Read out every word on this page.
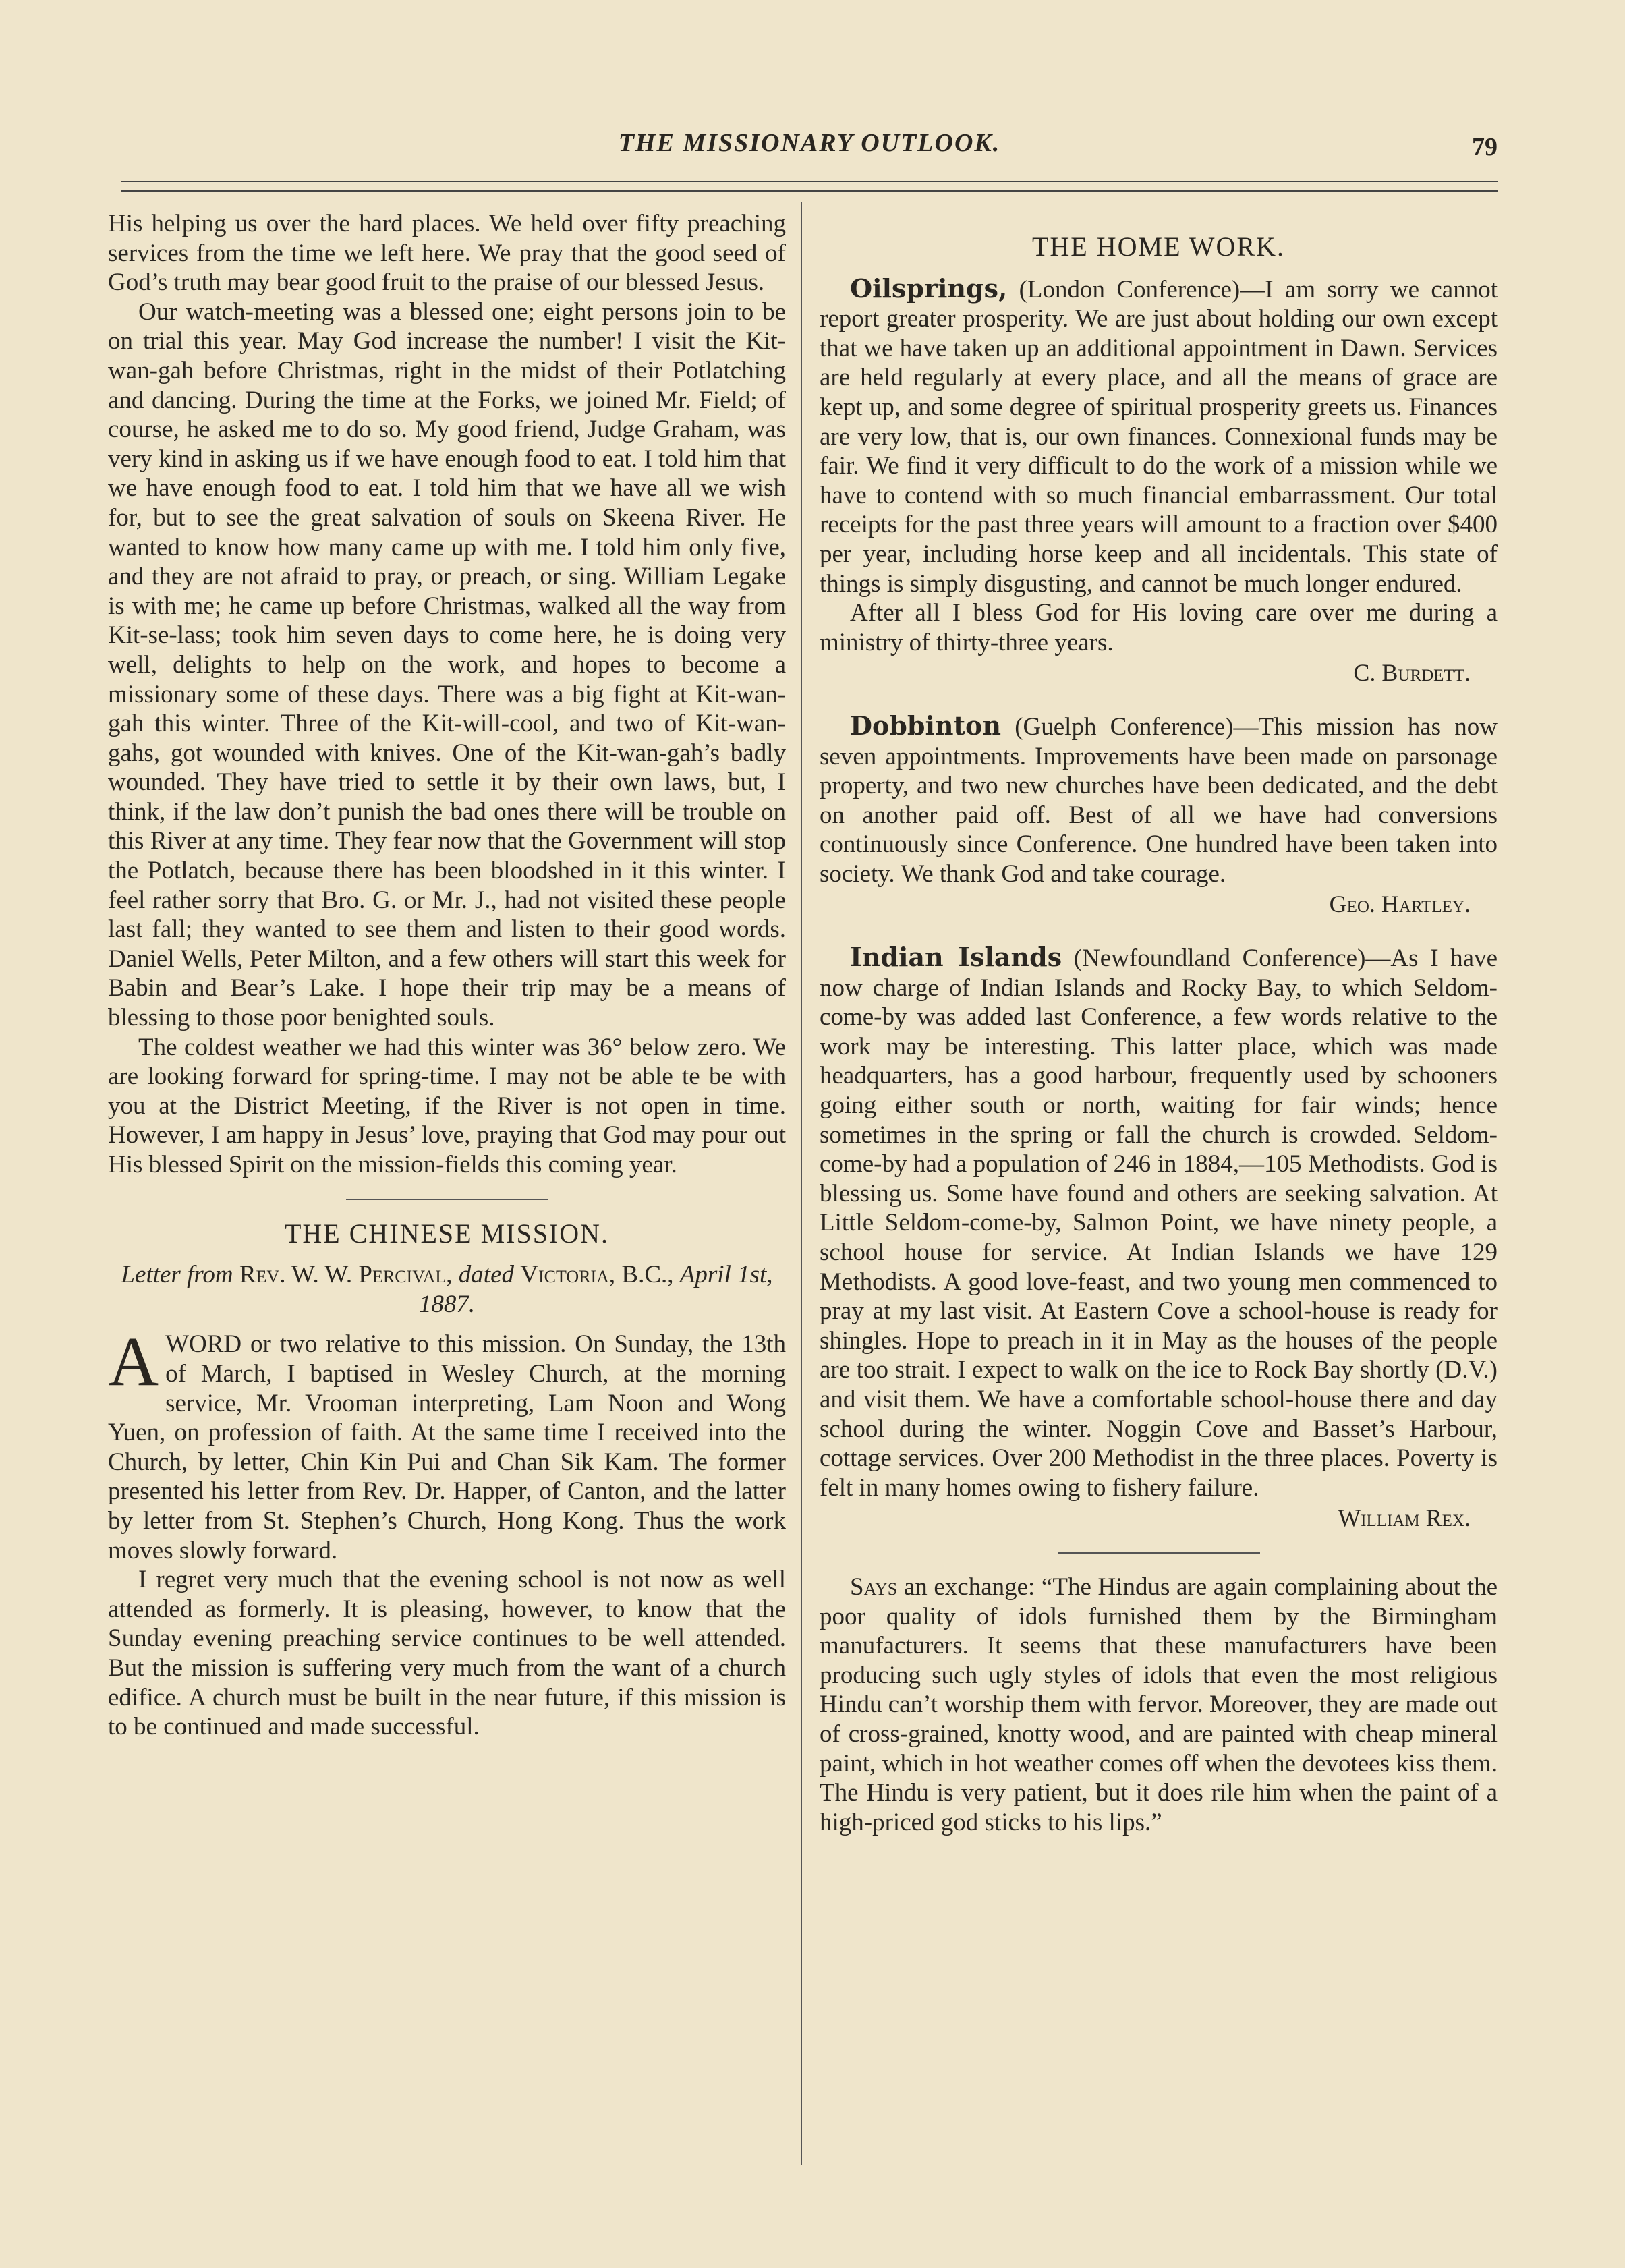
THE MISSIONARY OUTLOOK.	79

His helping us over the hard places. We held over fifty preaching services from the time we left here. We pray that the good seed of God’s truth may bear good fruit to the praise of our blessed Jesus.

Our watch-meeting was a blessed one; eight persons join to be on trial this year. May God increase the number! I visit the Kit-wan-gah before Christmas, right in the midst of their Potlatching and dancing. During the time at the Forks, we joined Mr. Field; of course, he asked me to do so. My good friend, Judge Graham, was very kind in asking us if we have enough food to eat. I told him that we have enough food to eat. I told him that we have all we wish for, but to see the great salvation of souls on Skeena River. He wanted to know how many came up with me. I told him only five, and they are not afraid to pray, or preach, or sing. William Legake is with me; he came up before Christmas, walked all the way from Kit-se-lass; took him seven days to come here, he is doing very well, delights to help on the work, and hopes to become a missionary some of these days. There was a big fight at Kit-wan-gah this winter. Three of the Kit-will-cool, and two of Kit-wan-gahs, got wounded with knives. One of the Kit-wan-gah’s badly wounded. They have tried to settle it by their own laws, but, I think, if the law don’t punish the bad ones there will be trouble on this River at any time. They fear now that the Government will stop the Potlatch, because there has been bloodshed in it this winter. I feel rather sorry that Bro. G. or Mr. J., had not visited these people last fall; they wanted to see them and listen to their good words. Daniel Wells, Peter Milton, and a few others will start this week for Babin and Bear’s Lake. I hope their trip may be a means of blessing to those poor benighted souls.

The coldest weather we had this winter was 36° below zero. We are looking forward for spring-time. I may not be able te be with you at the District Meeting, if the River is not open in time. However, I am happy in Jesus’ love, praying that God may pour out His blessed Spirit on the mission-fields this coming year.

THE CHINESE MISSION.
Letter from Rev. W. W. Percival, dated Victoria, B.C., April 1st, 1887.

AWORD or two relative to this mission. On Sunday, the 13th of March, I baptised in Wesley Church, at the morning service, Mr. Vrooman interpreting, Lam Noon and Wong Yuen, on profession of faith. At the same time I received into the Church, by letter, Chin Kin Pui and Chan Sik Kam. The former presented his letter from Rev. Dr. Happer, of Canton, and the latter by letter from St. Stephen’s Church, Hong Kong. Thus the work moves slowly forward.

I regret very much that the evening school is not now as well attended as formerly. It is pleasing, however, to know that the Sunday evening preaching service continues to be well attended. But the mission is suffering very much from the want of a church edifice. A church must be built in the near future, if this mission is to be continued and made successful.

THE HOME WORK.

Oilsprings, (London Conference)—I am sorry we cannot report greater prosperity. We are just about holding our own except that we have taken up an additional appointment in Dawn. Services are held regularly at every place, and all the means of grace are kept up, and some degree of spiritual prosperity greets us. Finances are very low, that is, our own finances. Connexional funds may be fair. We find it very difficult to do the work of a mission while we have to contend with so much financial embarrassment. Our total receipts for the past three years will amount to a fraction over $400 per year, including horse keep and all incidentals. This state of things is simply disgusting, and cannot be much longer endured.

After all I bless God for His loving care over me during a ministry of thirty-three years.

C. Burdett.

Dobbinton (Guelph Conference)—This mission has now seven appointments. Improvements have been made on parsonage property, and two new churches have been dedicated, and the debt on another paid off. Best of all we have had conversions continuously since Conference. One hundred have been taken into society. We thank God and take courage.

Geo. Hartley.

Indian Islands (Newfoundland Conference)—As I have now charge of Indian Islands and Rocky Bay, to which Seldom-come-by was added last Conference, a few words relative to the work may be interesting. This latter place, which was made headquarters, has a good harbour, frequently used by schooners going either south or north, waiting for fair winds; hence sometimes in the spring or fall the church is crowded. Seldom-come-by had a population of 246 in 1884,—105 Methodists. God is blessing us. Some have found and others are seeking salvation. At Little Seldom-come-by, Salmon Point, we have ninety people, a school house for service. At Indian Islands we have 129 Methodists. A good love-feast, and two young men commenced to pray at my last visit. At Eastern Cove a school-house is ready for shingles. Hope to preach in it in May as the houses of the people are too strait. I expect to walk on the ice to Rock Bay shortly (D.V.) and visit them. We have a comfortable school-house there and day school during the winter. Noggin Cove and Basset’s Harbour, cottage services. Over 200 Methodist in the three places. Poverty is felt in many homes owing to fishery failure.

William Rex.

Says an exchange: “The Hindus are again complaining about the poor quality of idols furnished them by the Birmingham manufacturers. It seems that these manufacturers have been producing such ugly styles of idols that even the most religious Hindu can’t worship them with fervor. Moreover, they are made out of cross-grained, knotty wood, and are painted with cheap mineral paint, which in hot weather comes off when the devotees kiss them. The Hindu is very patient, but it does rile him when the paint of a high-priced god sticks to his lips.”
